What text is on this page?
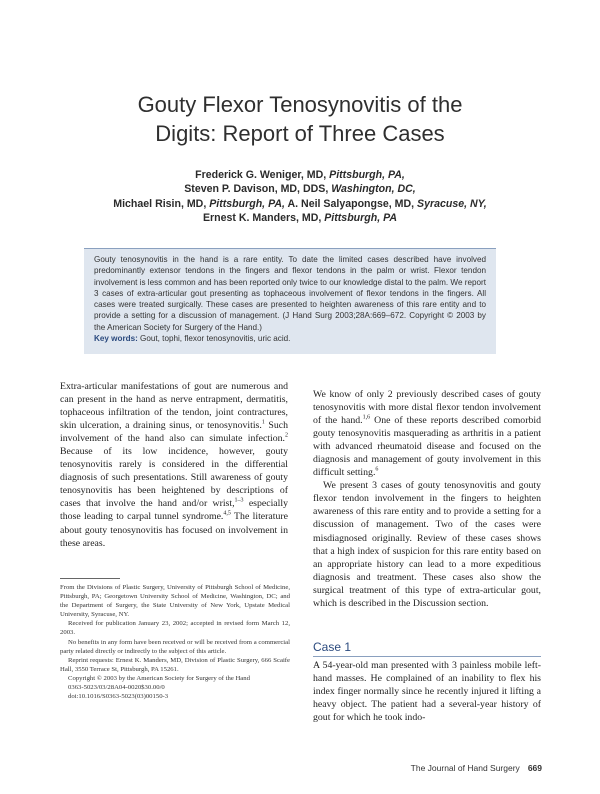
Gouty Flexor Tenosynovitis of the
Digits: Report of Three Cases
Frederick G. Weniger, MD, Pittsburgh, PA,
Steven P. Davison, MD, DDS, Washington, DC,
Michael Risin, MD, Pittsburgh, PA, A. Neil Salyapongse, MD, Syracuse, NY,
Ernest K. Manders, MD, Pittsburgh, PA
Gouty tenosynovitis in the hand is a rare entity. To date the limited cases described have involved predominantly extensor tendons in the fingers and flexor tendons in the palm or wrist. Flexor tendon involvement is less common and has been reported only twice to our knowledge distal to the palm. We report 3 cases of extra-articular gout presenting as tophaceous involvement of flexor tendons in the fingers. All cases were treated surgically. These cases are presented to heighten awareness of this rare entity and to provide a setting for a discussion of management. (J Hand Surg 2003;28A:669–672. Copyright © 2003 by the American Society for Surgery of the Hand.)
Key words: Gout, tophi, flexor tenosynovitis, uric acid.

Extra-articular manifestations of gout are numerous and can present in the hand as nerve entrapment, dermatitis, tophaceous infiltration of the tendon, joint contractures, skin ulceration, a draining sinus, or tenosynovitis.$^1$ Such involvement of the hand also can simulate infection.$^2$ Because of its low incidence, however, gouty tenosynovitis rarely is considered in the differential diagnosis of such presentations. Still awareness of gouty tenosynovitis has been heightened by descriptions of cases that involve the hand and/or wrist,$^{1-3}$ especially those leading to carpal tunnel syndrome.$^{4,5}$ The literature about gouty tenosynovitis has focused on involvement in these areas.

From the Divisions of Plastic Surgery, University of Pittsburgh School of Medicine, Pittsburgh, PA; Georgetown University School of Medicine, Washington, DC; and the Department of Surgery, the State University of New York, Upstate Medical University, Syracuse, NY.

Received for publication January 23, 2002; accepted in revised form March 12, 2003.

No benefits in any form have been received or will be received from a commercial party related directly or indirectly to the subject of this article.

Reprint requests: Ernest K. Manders, MD, Division of Plastic Surgery, 666 Scaife Hall, 3550 Terrace St, Pittsburgh, PA 15261.

Copyright © 2003 by the American Society for Surgery of the Hand

0363-5023/03/28A04-0020$30.00/0

doi:10.1016/S0363-5023(03)00150-3

We know of only 2 previously described cases of gouty tenosynovitis with more distal flexor tendon involvement of the hand.$^{1,6}$ One of these reports described comorbid gouty tenosynovitis masquerading as arthritis in a patient with advanced rheumatoid disease and focused on the diagnosis and management of gouty involvement in this difficult setting.$^6$

We present 3 cases of gouty tenosynovitis and gouty flexor tendon involvement in the fingers to heighten awareness of this rare entity and to provide a setting for a discussion of management. Two of the cases were misdiagnosed originally. Review of these cases shows that a high index of suspicion for this rare entity based on an appropriate history can lead to a more expeditious diagnosis and treatment. These cases also show the surgical treatment of this type of extra-articular gout, which is described in the Discussion section.

Case 1

A 54-year-old man presented with 3 painless mobile left-hand masses. He complained of an inability to flex his index finger normally since he recently injured it lifting a heavy object. The patient had a several-year history of gout for which he took indo-

The Journal of Hand Surgery 669
